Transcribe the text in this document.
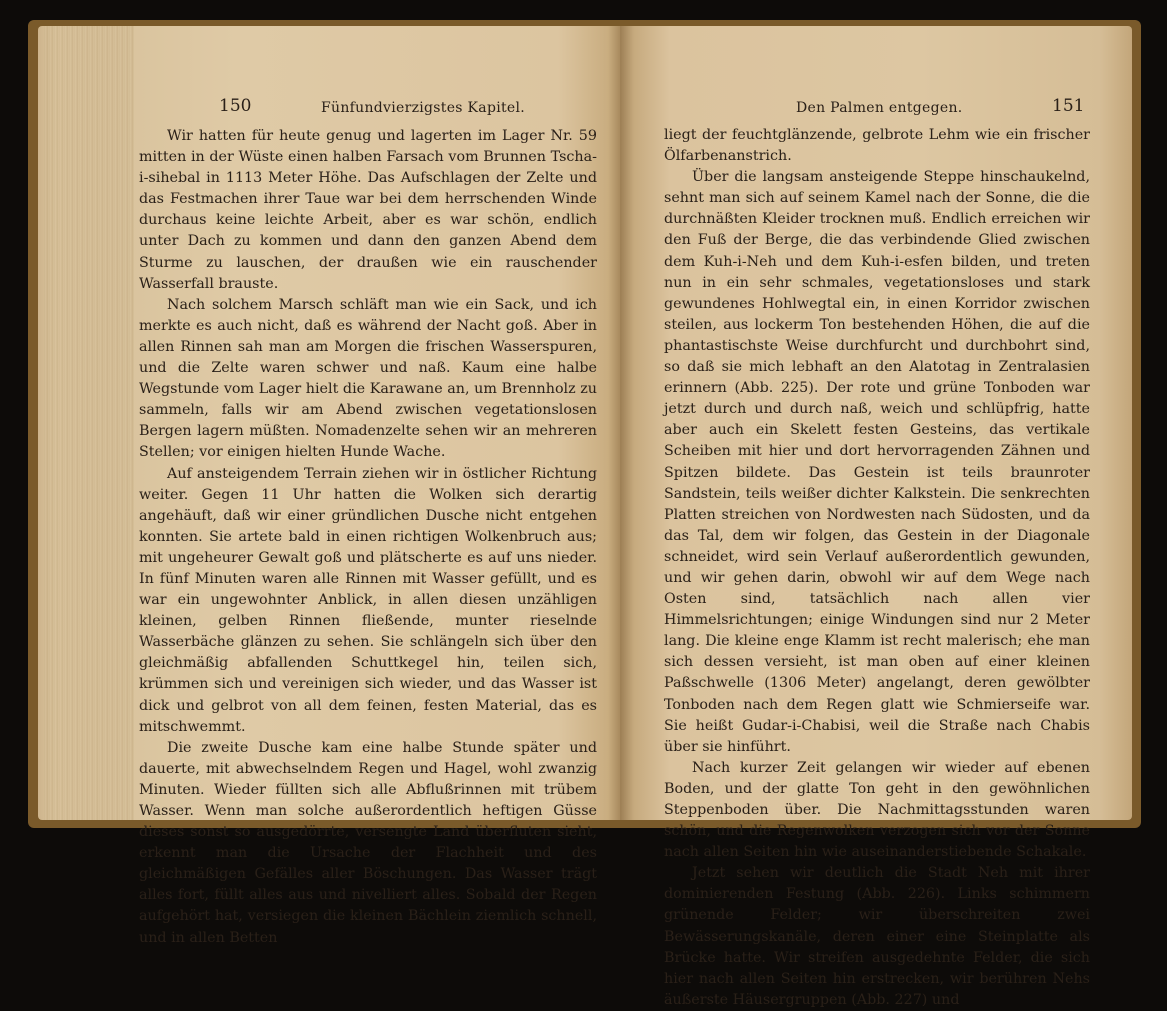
150	Fünfundvierzigstes Kapitel.

Wir hatten für heute genug und lagerten im Lager Nr. 59 mitten in der Wüste einen halben Farsach vom Brunnen Tscha-i-sihebal in 1113 Meter Höhe. Das Aufschlagen der Zelte und das Festmachen ihrer Taue war bei dem herrschenden Winde durchaus keine leichte Arbeit, aber es war schön, endlich unter Dach zu kommen und dann den ganzen Abend dem Sturme zu lauschen, der draußen wie ein rauschender Wasserfall brauste.

Nach solchem Marsch schläft man wie ein Sack, und ich merkte es auch nicht, daß es während der Nacht goß. Aber in allen Rinnen sah man am Morgen die frischen Wasserspuren, und die Zelte waren schwer und naß. Kaum eine halbe Wegstunde vom Lager hielt die Karawane an, um Brennholz zu sammeln, falls wir am Abend zwischen vegetationslosen Bergen lagern müßten. Nomadenzelte sehen wir an mehreren Stellen; vor einigen hielten Hunde Wache.

Auf ansteigendem Terrain ziehen wir in östlicher Richtung weiter. Gegen 11 Uhr hatten die Wolken sich derartig angehäuft, daß wir einer gründlichen Dusche nicht entgehen konnten. Sie artete bald in einen richtigen Wolkenbruch aus; mit ungeheurer Gewalt goß und plätscherte es auf uns nieder. In fünf Minuten waren alle Rinnen mit Wasser gefüllt, und es war ein ungewohnter Anblick, in allen diesen unzähligen kleinen, gelben Rinnen fließende, munter rieselnde Wasserbäche glänzen zu sehen. Sie schlängeln sich über den gleichmäßig abfallenden Schuttkegel hin, teilen sich, krümmen sich und vereinigen sich wieder, und das Wasser ist dick und gelbrot von all dem feinen, festen Material, das es mitschwemmt.

Die zweite Dusche kam eine halbe Stunde später und dauerte, mit abwechselndem Regen und Hagel, wohl zwanzig Minuten. Wieder füllten sich alle Abflußrinnen mit trübem Wasser. Wenn man solche außerordentlich heftigen Güsse dieses sonst so ausgedörrte, versengte Land überfluten sieht, erkennt man die Ursache der Flachheit und des gleichmäßigen Gefälles aller Böschungen. Das Wasser trägt alles fort, füllt alles aus und nivelliert alles. Sobald der Regen aufgehört hat, versiegen die kleinen Bächlein ziemlich schnell, und in allen Betten

Den Palmen entgegen.	151

liegt der feuchtglänzende, gelbrote Lehm wie ein frischer Ölfarbenanstrich.

Über die langsam ansteigende Steppe hinschaukelnd, sehnt man sich auf seinem Kamel nach der Sonne, die die durchnäßten Kleider trocknen muß. Endlich erreichen wir den Fuß der Berge, die das verbindende Glied zwischen dem Kuh-i-Neh und dem Kuh-i-esfen bilden, und treten nun in ein sehr schmales, vegetationsloses und stark gewundenes Hohlwegtal ein, in einen Korridor zwischen steilen, aus lockerm Ton bestehenden Höhen, die auf die phantastischste Weise durchfurcht und durchbohrt sind, so daß sie mich lebhaft an den Alatotag in Zentralasien erinnern (Abb. 225). Der rote und grüne Tonboden war jetzt durch und durch naß, weich und schlüpfrig, hatte aber auch ein Skelett festen Gesteins, das vertikale Scheiben mit hier und dort hervorragenden Zähnen und Spitzen bildete. Das Gestein ist teils braunroter Sandstein, teils weißer dichter Kalkstein. Die senkrechten Platten streichen von Nordwesten nach Südosten, und da das Tal, dem wir folgen, das Gestein in der Diagonale schneidet, wird sein Verlauf außerordentlich gewunden, und wir gehen darin, obwohl wir auf dem Wege nach Osten sind, tatsächlich nach allen vier Himmelsrichtungen; einige Windungen sind nur 2 Meter lang. Die kleine enge Klamm ist recht malerisch; ehe man sich dessen versieht, ist man oben auf einer kleinen Paßschwelle (1306 Meter) angelangt, deren gewölbter Tonboden nach dem Regen glatt wie Schmierseife war. Sie heißt Gudar-i-Chabisi, weil die Straße nach Chabis über sie hinführt.

Nach kurzer Zeit gelangen wir wieder auf ebenen Boden, und der glatte Ton geht in den gewöhnlichen Steppenboden über. Die Nachmittagsstunden waren schön, und die Regenwolken verzogen sich vor der Sonne nach allen Seiten hin wie auseinanderstiebende Schakale.

Jetzt sehen wir deutlich die Stadt Neh mit ihrer dominierenden Festung (Abb. 226). Links schimmern grünende Felder; wir überschreiten zwei Bewässerungskanäle, deren einer eine Steinplatte als Brücke hatte. Wir streifen ausgedehnte Felder, die sich hier nach allen Seiten hin erstrecken, wir berühren Nehs äußerste Häusergruppen (Abb. 227) und
